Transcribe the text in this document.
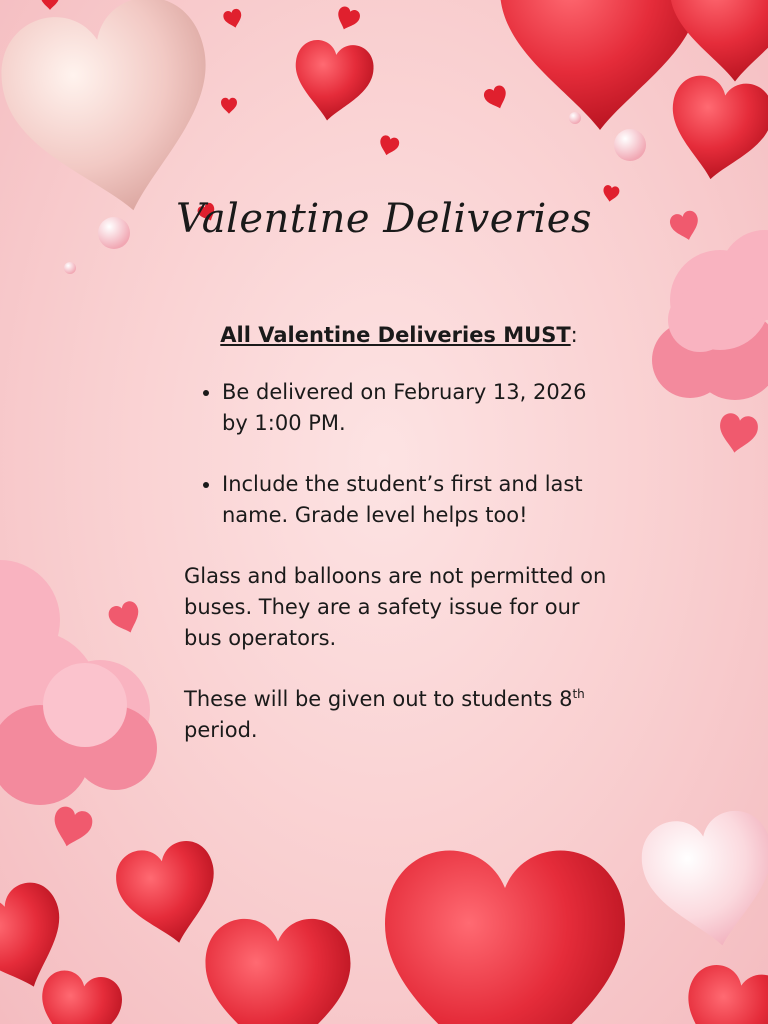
Valentine Deliveries
All Valentine Deliveries MUST:
• Be delivered on February 13, 2026 by 1:00 PM.
• Include the student’s first and last name. Grade level helps too!

Glass and balloons are not permitted on buses. They are a safety issue for our bus operators.

These will be given out to students 8th period.
